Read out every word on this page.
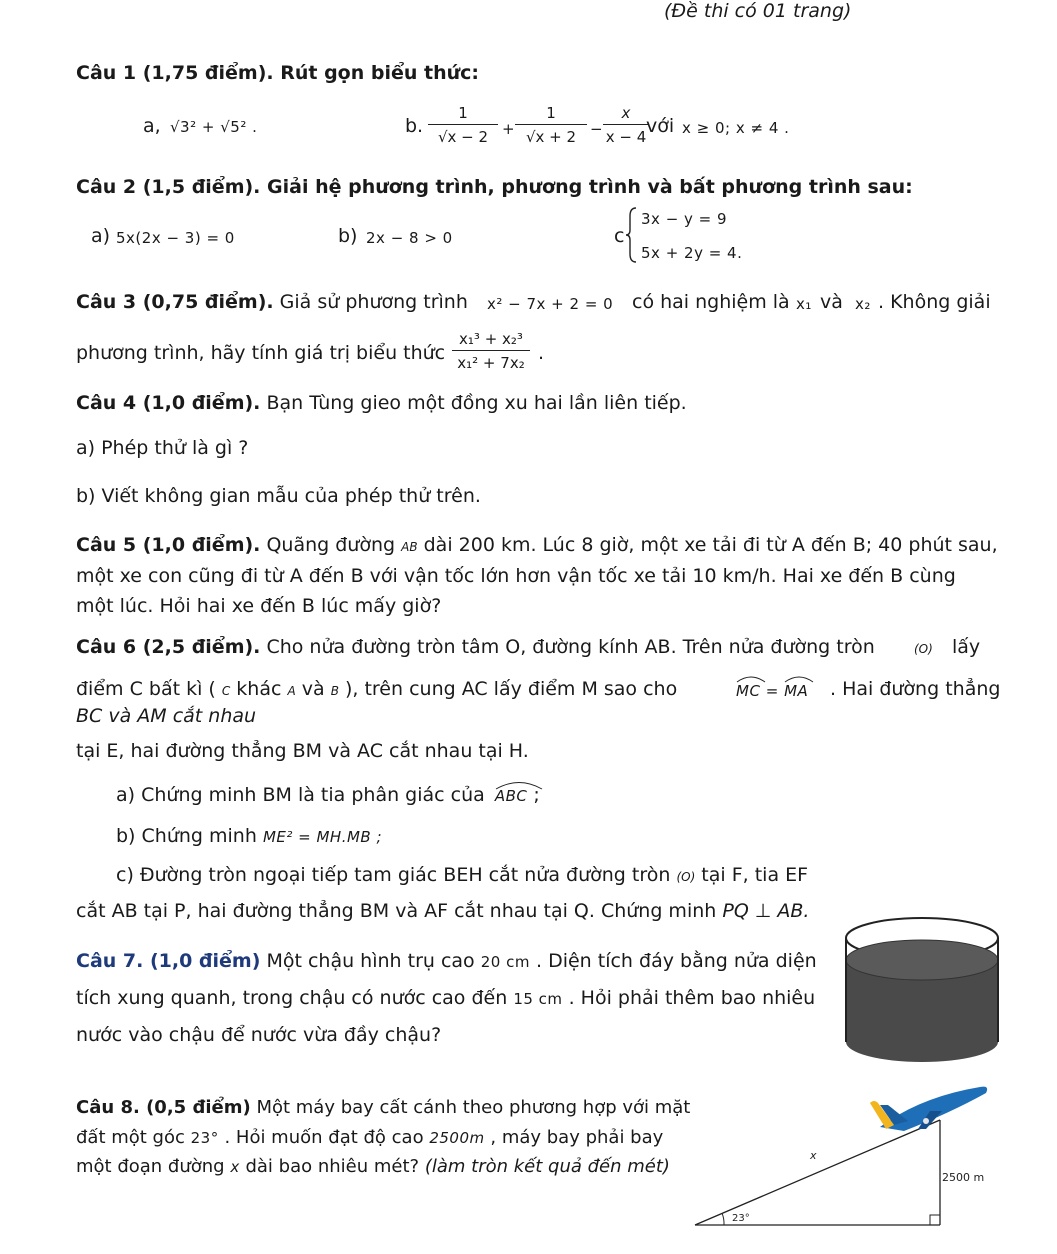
(Đề thi có 01 trang)
Câu 1 (1,75 điểm). Rút gọn biểu thức:
a, √3² + √5² .	b.
1
√x − 2 +
1
√x + 2 −
x
x − 4 với x ≥ 0; x ≠ 4 .
Câu 2 (1,5 điểm). Giải hệ phương trình, phương trình và bất phương trình sau:
a) 5x(2x − 3) = 0	b) 2x − 8 > 0	c
3x − y = 9
5x + 2y = 4.
Câu 3 (0,75 điểm). Giả sử phương trình x² − 7x + 2 = 0 có hai nghiệm là x₁ và x₂ . Không giải
phương trình, hãy tính giá trị biểu thức
x₁³ + x₂³
x₁² + 7x₂ .
Câu 4 (1,0 điểm). Bạn Tùng gieo một đồng xu hai lần liên tiếp.
a) Phép thử là gì ?
b) Viết không gian mẫu của phép thử trên.
Câu 5 (1,0 điểm). Quãng đường AB dài 200 km. Lúc 8 giờ, một xe tải đi từ A đến B; 40 phút sau,
một xe con cũng đi từ A đến B với vận tốc lớn hơn vận tốc xe tải 10 km/h. Hai xe đến B cùng
một lúc. Hỏi hai xe đến B lúc mấy giờ?
Câu 6 (2,5 điểm). Cho nửa đường tròn tâm O, đường kính AB. Trên nửa đường tròn	(O) lấy
điểm C bất kì ( C khác A và B ), trên cung AC lấy điểm M sao cho	MC = MA . Hai đường thẳng
BC và AM cắt nhau
tại E, hai đường thẳng BM và AC cắt nhau tại H.
a) Chứng minh BM là tia phân giác của ABC ;
b) Chứng minh ME² = MH.MB ;
c) Đường tròn ngoại tiếp tam giác BEH cắt nửa đường tròn (O) tại F, tia EF
cắt AB tại P, hai đường thẳng BM và AF cắt nhau tại Q. Chứng minh PQ ⊥ AB.
Câu 7. (1,0 điểm) Một chậu hình trụ cao 20 cm . Diện tích đáy bằng nửa diện
tích xung quanh, trong chậu có nước cao đến 15 cm . Hỏi phải thêm bao nhiêu
nước vào chậu để nước vừa đầy chậu?
Câu 8. (0,5 điểm) Một máy bay cất cánh theo phương hợp với mặt
đất một góc 23° . Hỏi muốn đạt độ cao 2500m , máy bay phải bay
một đoạn đường x dài bao nhiêu mét? (làm tròn kết quả đến mét)
x
2500 m
23°
